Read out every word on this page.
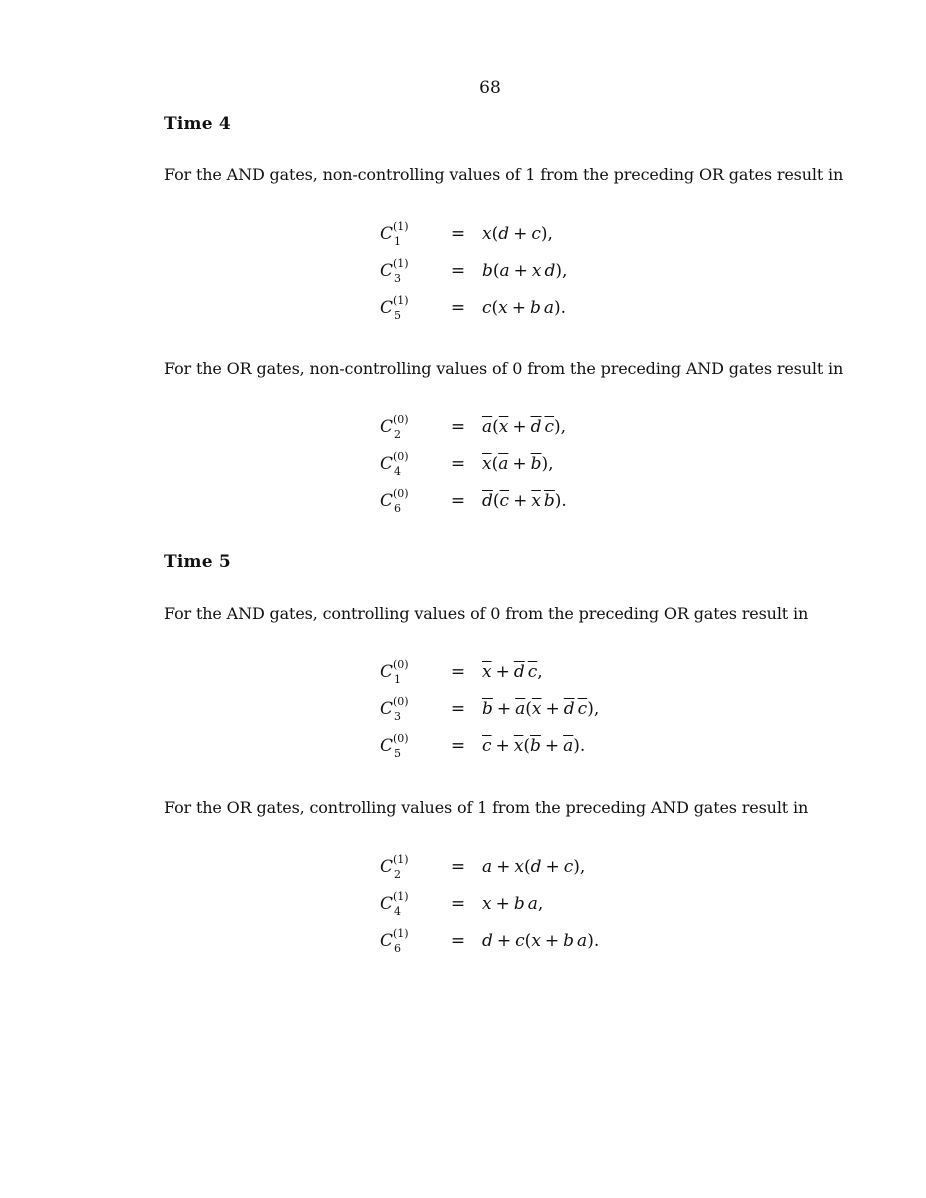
68
Time 4
For the AND gates, non-controlling values of 1 from the preceding OR gates result in
C (1)
1	= x(d + c),
C (1)
3	= b(a + x d),
C (1)
5	= c(x + b a).
For the OR gates, non-controlling values of 0 from the preceding AND gates result in
C (0)
2	= $\overline{a}(\overline{x} + \overline{d}$ $\overline{c}$),
C (0)
4	= $\overline{x}(\overline{a} + \overline{b})$,
C (0)
6	= $\overline{d}(\overline{c} + \overline{x}$ $\overline{b}$).
Time 5
For the AND gates, controlling values of 0 from the preceding OR gates result in
C (0)
1	= $\overline{x} + \overline{d}$ $\overline{c}$,
C (0)
3	= $\overline{b} + \overline{a}(\overline{x} + \overline{d}$ $\overline{c}$),
C (0)
5	= $\overline{c} + \overline{x}(\overline{b} + \overline{a})$.
For the OR gates, controlling values of 1 from the preceding AND gates result in
C (1)
2	= a + x(d + c),
C (1)
4	= x + b a,
C (1)
6	= d + c(x + b a).
